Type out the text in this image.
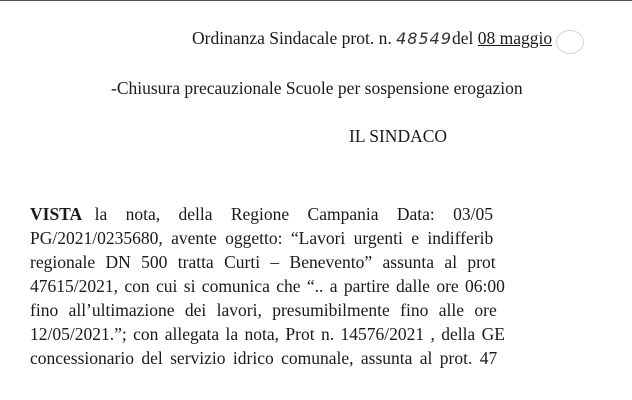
Ordinanza Sindacale prot. n. 48549del 08 maggio
-Chiusura precauzionale Scuole per sospensione erogazion
IL SINDACO
VISTA la nota, della Regione Campania Data: 03/05
PG/2021/0235680, avente oggetto: “Lavori urgenti e indifferib
regionale DN 500 tratta Curti – Benevento” assunta al prot
47615/2021, con cui si comunica che “.. a partire dalle ore 06:00
fino all’ultimazione dei lavori, presumibilmente fino alle ore
12/05/2021.”; con allegata la nota, Prot n. 14576/2021 , della GE
concessionario del servizio idrico comunale, assunta al prot. 47
